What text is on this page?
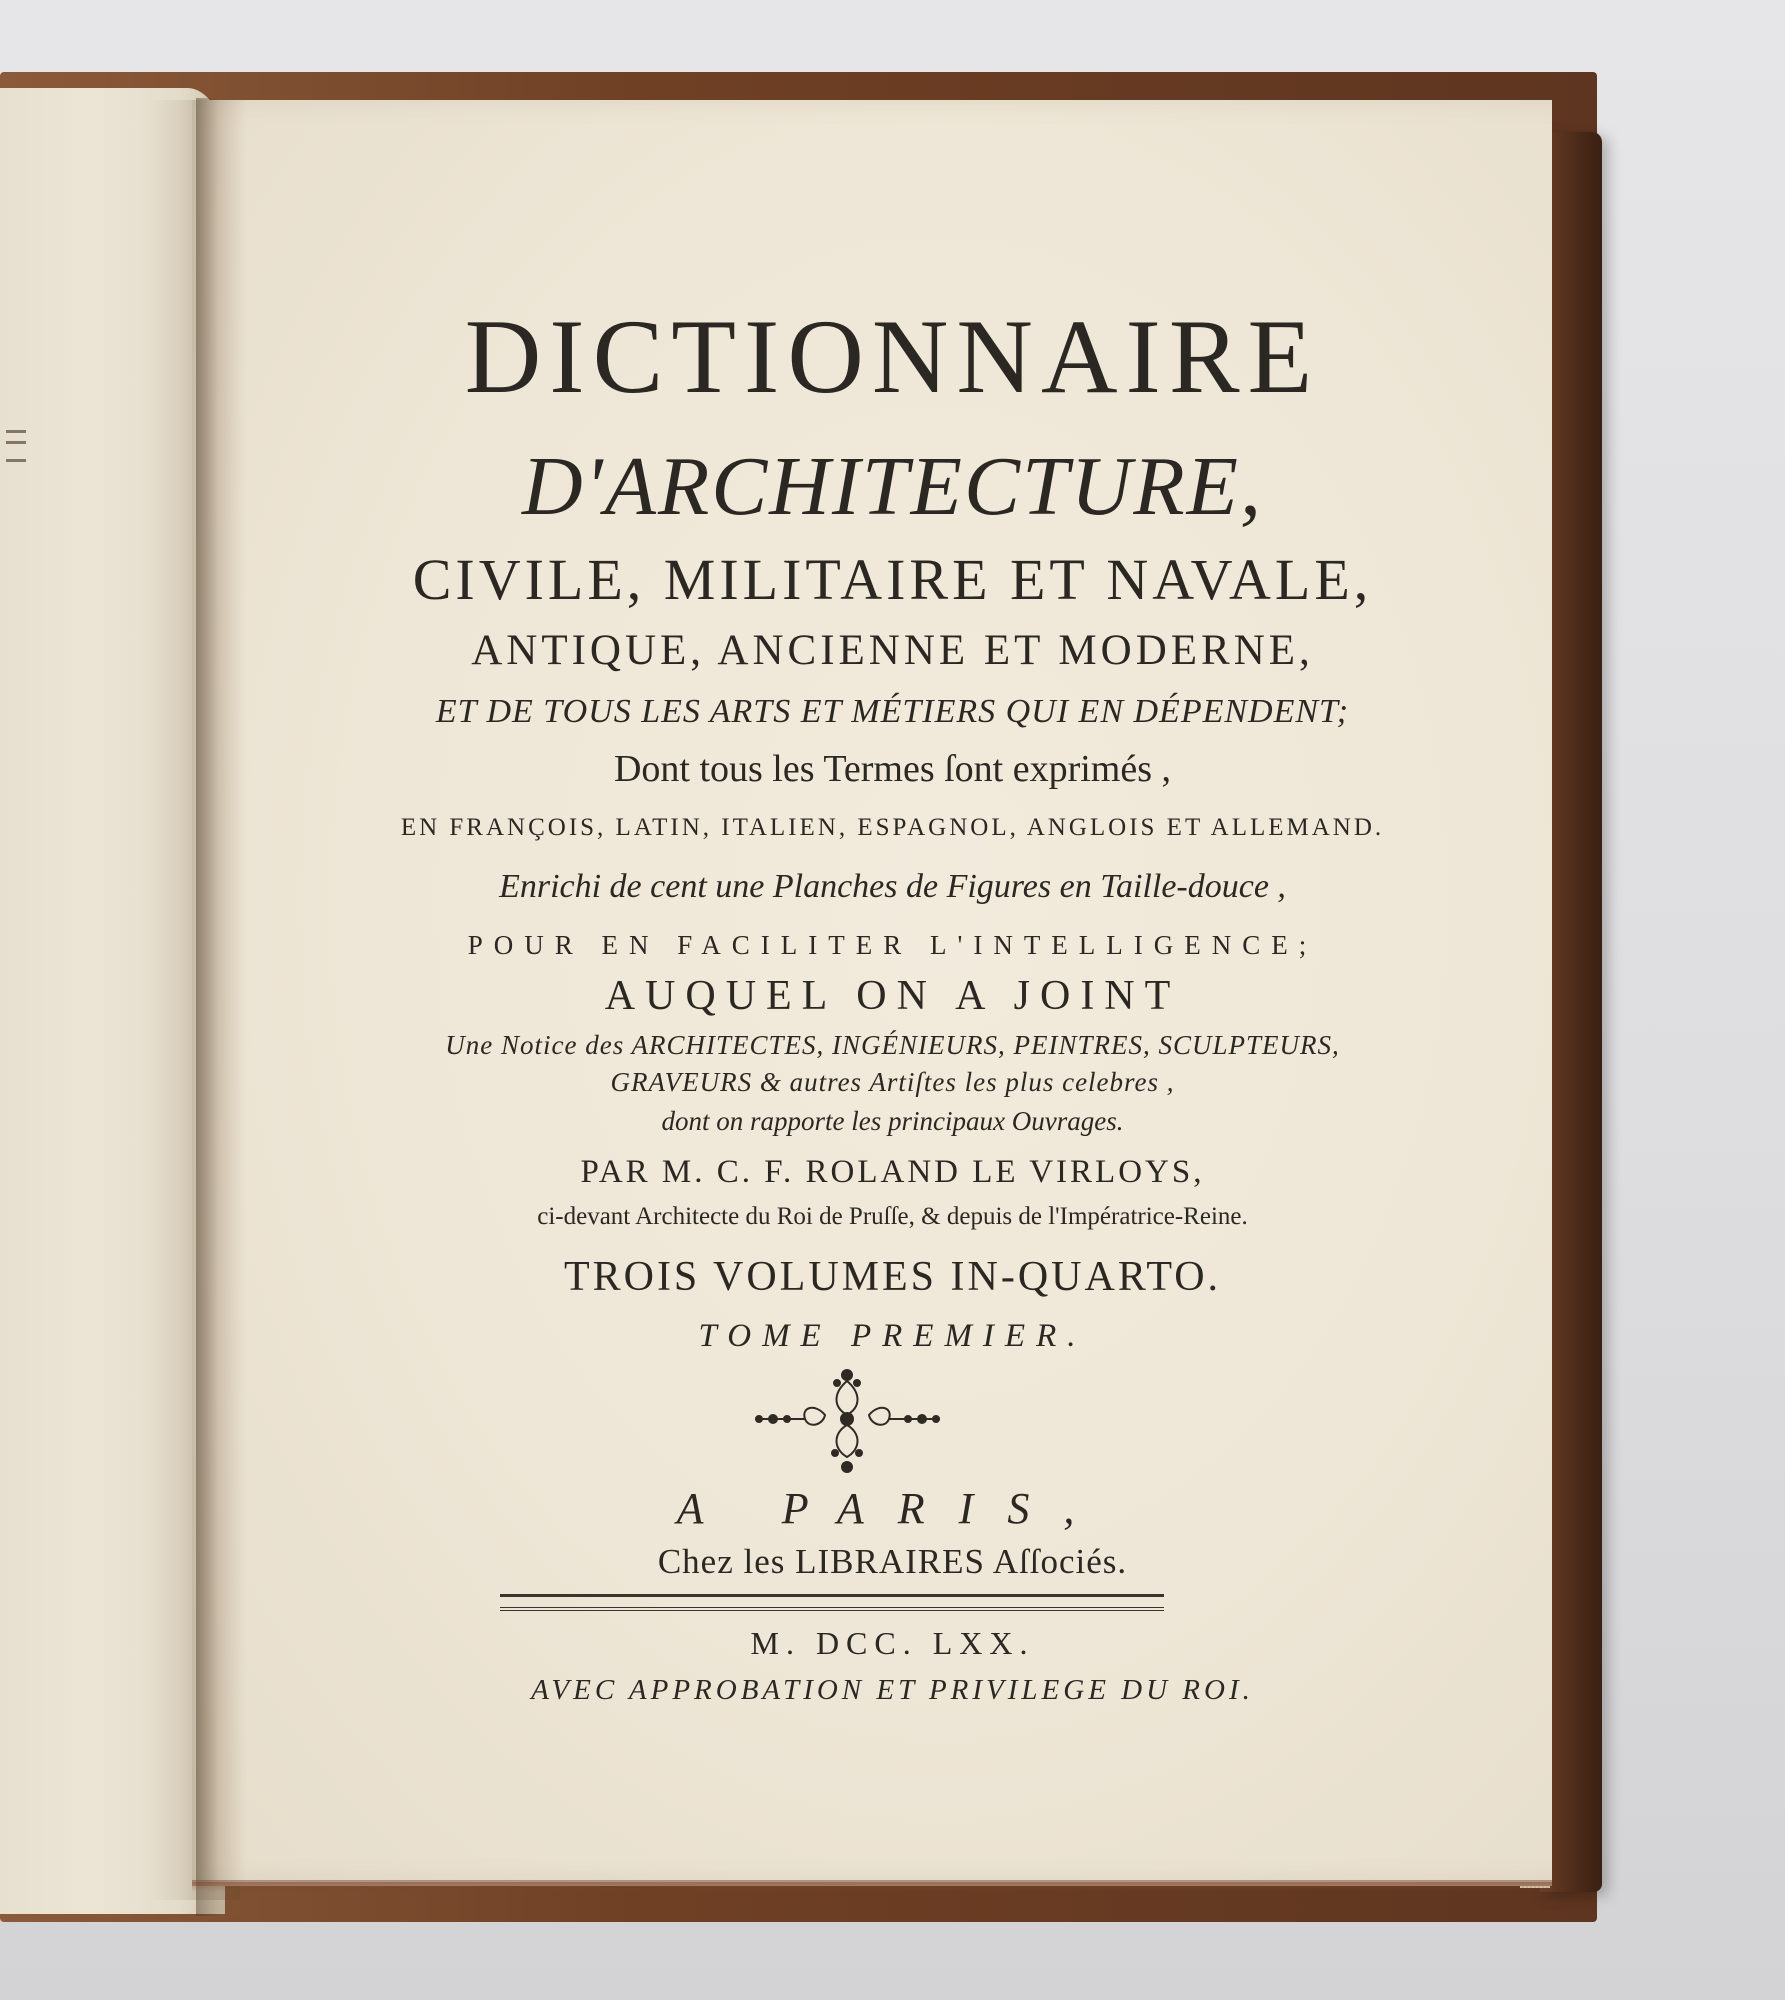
DICTIONNAIRE
D'ARCHITECTURE,
CIVILE, MILITAIRE ET NAVALE,
ANTIQUE, ANCIENNE ET MODERNE,
ET DE TOUS LES ARTS ET MÉTIERS QUI EN DÉPENDENT;
Dont tous les Termes ſont exprimés ,
EN FRANÇOIS, LATIN, ITALIEN, ESPAGNOL, ANGLOIS ET ALLEMAND.
Enrichi de cent une Planches de Figures en Taille-douce ,
POUR EN FACILITER L'INTELLIGENCE;
AUQUEL ON A JOINT
Une Notice des ARCHITECTES, INGÉNIEURS, PEINTRES, SCULPTEURS,
GRAVEURS & autres Artiſtes les plus celebres ,
dont on rapporte les principaux Ouvrages.
PAR M. C. F. ROLAND LE VIRLOYS,
ci-devant Architecte du Roi de Pruſſe, & depuis de l'Impératrice-Reine.
TROIS VOLUMES IN-QUARTO.
TOME PREMIER.
A PARIS,
Chez les LIBRAIRES Aſſociés.
M. DCC. LXX.
AVEC APPROBATION ET PRIVILEGE DU ROI.
